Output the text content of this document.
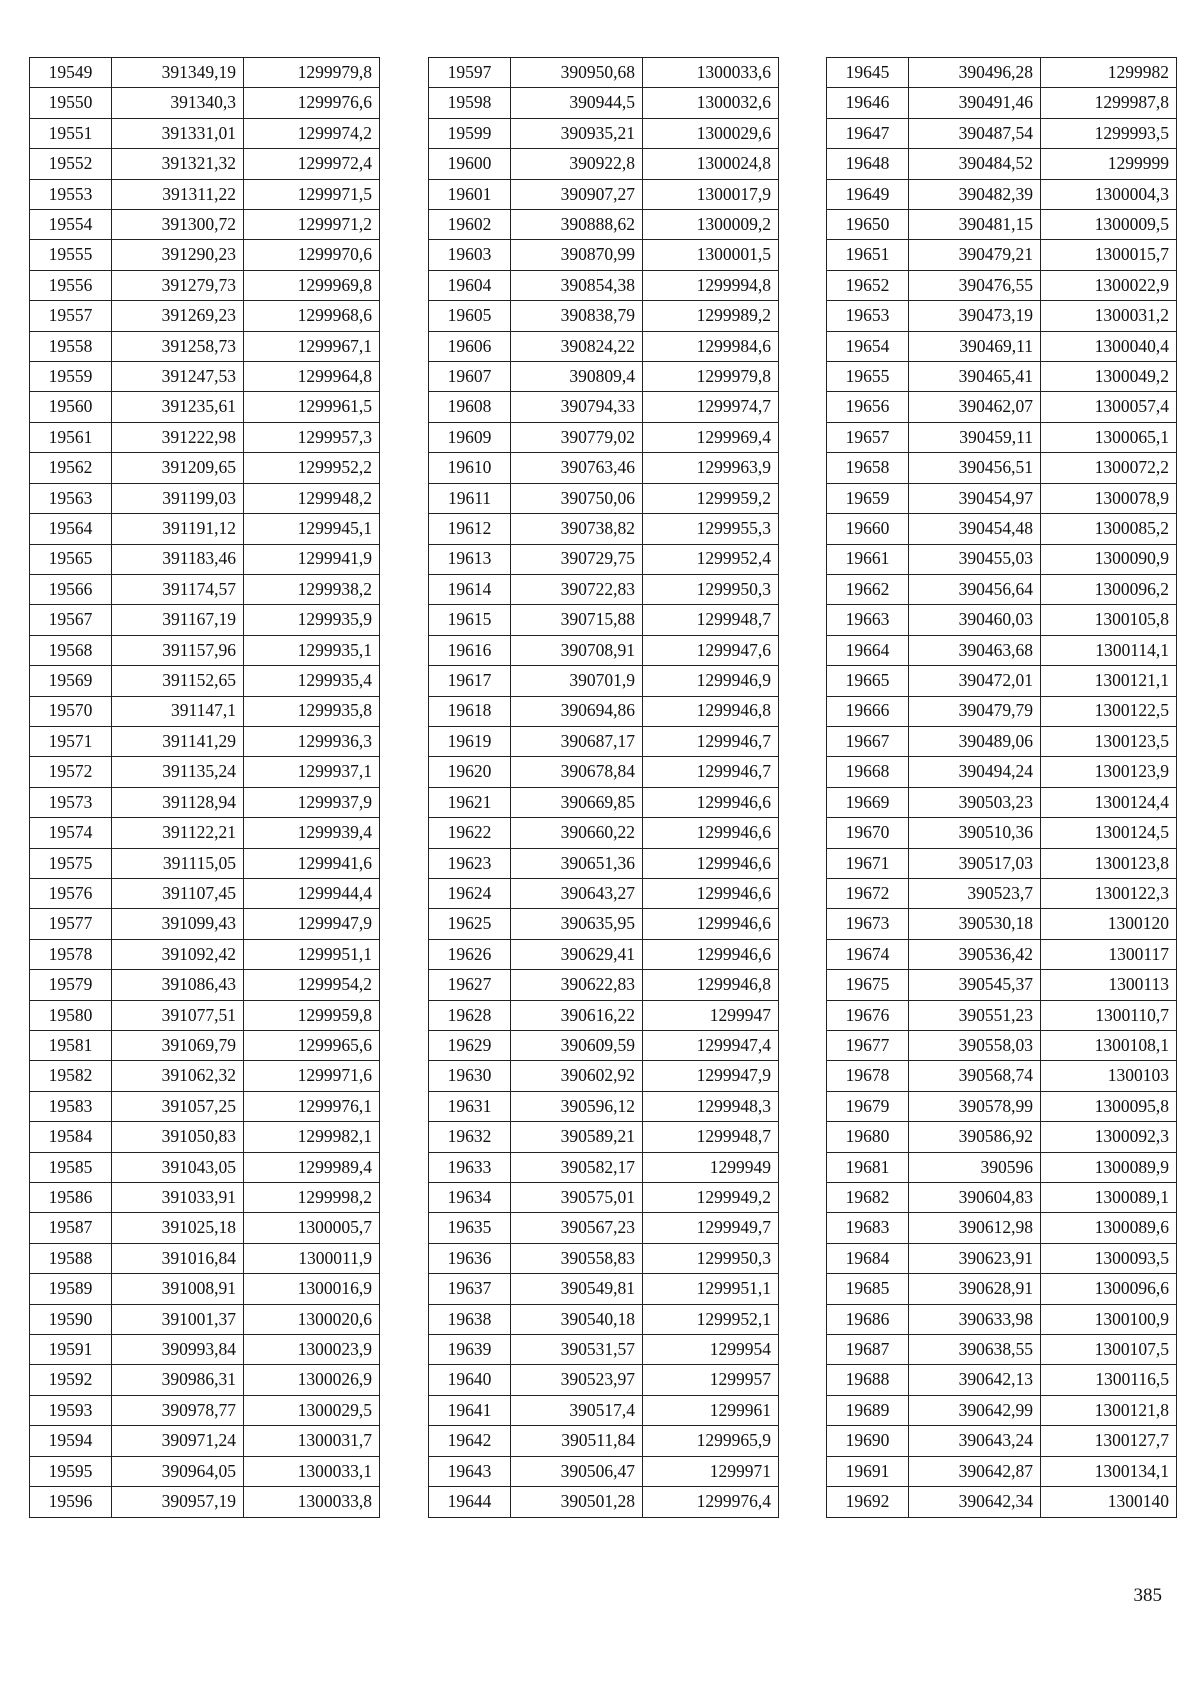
19549	391349,19	1299979,8
19550	391340,3	1299976,6
19551	391331,01	1299974,2
19552	391321,32	1299972,4
19553	391311,22	1299971,5
19554	391300,72	1299971,2
19555	391290,23	1299970,6
19556	391279,73	1299969,8
19557	391269,23	1299968,6
19558	391258,73	1299967,1
19559	391247,53	1299964,8
19560	391235,61	1299961,5
19561	391222,98	1299957,3
19562	391209,65	1299952,2
19563	391199,03	1299948,2
19564	391191,12	1299945,1
19565	391183,46	1299941,9
19566	391174,57	1299938,2
19567	391167,19	1299935,9
19568	391157,96	1299935,1
19569	391152,65	1299935,4
19570	391147,1	1299935,8
19571	391141,29	1299936,3
19572	391135,24	1299937,1
19573	391128,94	1299937,9
19574	391122,21	1299939,4
19575	391115,05	1299941,6
19576	391107,45	1299944,4
19577	391099,43	1299947,9
19578	391092,42	1299951,1
19579	391086,43	1299954,2
19580	391077,51	1299959,8
19581	391069,79	1299965,6
19582	391062,32	1299971,6
19583	391057,25	1299976,1
19584	391050,83	1299982,1
19585	391043,05	1299989,4
19586	391033,91	1299998,2
19587	391025,18	1300005,7
19588	391016,84	1300011,9
19589	391008,91	1300016,9
19590	391001,37	1300020,6
19591	390993,84	1300023,9
19592	390986,31	1300026,9
19593	390978,77	1300029,5
19594	390971,24	1300031,7
19595	390964,05	1300033,1
19596	390957,19	1300033,8
19597	390950,68	1300033,6
19598	390944,5	1300032,6
19599	390935,21	1300029,6
19600	390922,8	1300024,8
19601	390907,27	1300017,9
19602	390888,62	1300009,2
19603	390870,99	1300001,5
19604	390854,38	1299994,8
19605	390838,79	1299989,2
19606	390824,22	1299984,6
19607	390809,4	1299979,8
19608	390794,33	1299974,7
19609	390779,02	1299969,4
19610	390763,46	1299963,9
19611	390750,06	1299959,2
19612	390738,82	1299955,3
19613	390729,75	1299952,4
19614	390722,83	1299950,3
19615	390715,88	1299948,7
19616	390708,91	1299947,6
19617	390701,9	1299946,9
19618	390694,86	1299946,8
19619	390687,17	1299946,7
19620	390678,84	1299946,7
19621	390669,85	1299946,6
19622	390660,22	1299946,6
19623	390651,36	1299946,6
19624	390643,27	1299946,6
19625	390635,95	1299946,6
19626	390629,41	1299946,6
19627	390622,83	1299946,8
19628	390616,22	1299947
19629	390609,59	1299947,4
19630	390602,92	1299947,9
19631	390596,12	1299948,3
19632	390589,21	1299948,7
19633	390582,17	1299949
19634	390575,01	1299949,2
19635	390567,23	1299949,7
19636	390558,83	1299950,3
19637	390549,81	1299951,1
19638	390540,18	1299952,1
19639	390531,57	1299954
19640	390523,97	1299957
19641	390517,4	1299961
19642	390511,84	1299965,9
19643	390506,47	1299971
19644	390501,28	1299976,4
19645	390496,28	1299982
19646	390491,46	1299987,8
19647	390487,54	1299993,5
19648	390484,52	1299999
19649	390482,39	1300004,3
19650	390481,15	1300009,5
19651	390479,21	1300015,7
19652	390476,55	1300022,9
19653	390473,19	1300031,2
19654	390469,11	1300040,4
19655	390465,41	1300049,2
19656	390462,07	1300057,4
19657	390459,11	1300065,1
19658	390456,51	1300072,2
19659	390454,97	1300078,9
19660	390454,48	1300085,2
19661	390455,03	1300090,9
19662	390456,64	1300096,2
19663	390460,03	1300105,8
19664	390463,68	1300114,1
19665	390472,01	1300121,1
19666	390479,79	1300122,5
19667	390489,06	1300123,5
19668	390494,24	1300123,9
19669	390503,23	1300124,4
19670	390510,36	1300124,5
19671	390517,03	1300123,8
19672	390523,7	1300122,3
19673	390530,18	1300120
19674	390536,42	1300117
19675	390545,37	1300113
19676	390551,23	1300110,7
19677	390558,03	1300108,1
19678	390568,74	1300103
19679	390578,99	1300095,8
19680	390586,92	1300092,3
19681	390596	1300089,9
19682	390604,83	1300089,1
19683	390612,98	1300089,6
19684	390623,91	1300093,5
19685	390628,91	1300096,6
19686	390633,98	1300100,9
19687	390638,55	1300107,5
19688	390642,13	1300116,5
19689	390642,99	1300121,8
19690	390643,24	1300127,7
19691	390642,87	1300134,1
19692	390642,34	1300140
385
